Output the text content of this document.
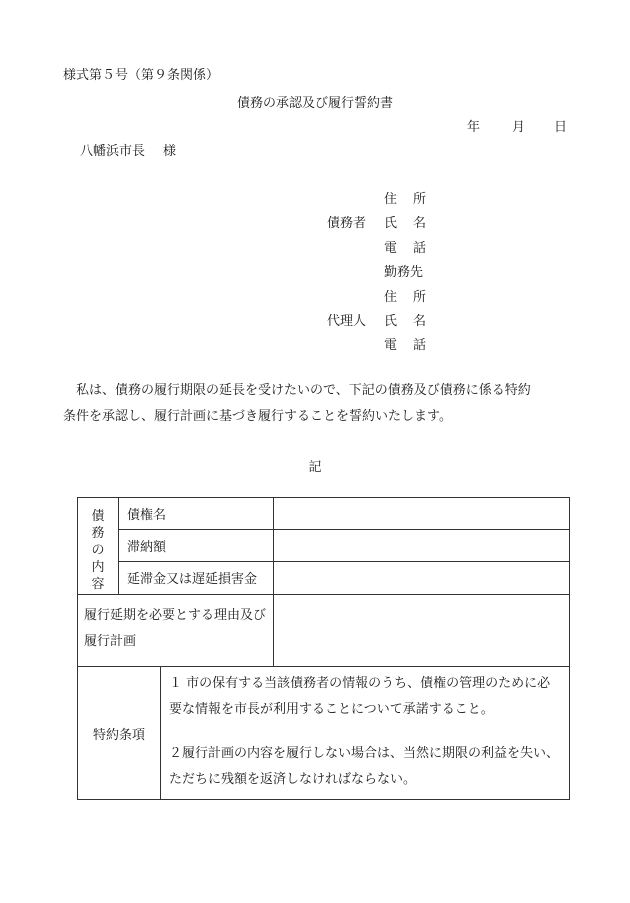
様式第５号（第９条関係）
債務の承認及び履行誓約書
年 月 日
八幡浜市長 様
住 所
債務者 氏 名
電 話
勤務先
住 所
代理人 氏 名
電 話

私は、債務の履行期限の延長を受けたいので、下記の債務及び債務に係る特約

条件を承認し、履行計画に基づき履行することを誓約いたします。

記
債
務
の
内
容	債権名		
	滞納額		
	延滞金又は遅延損害金		
履行延期を必要とする理由及び履行計画			
特約条項		１ 市の保有する当該債務者の情報のうち、債権の管理のために必要な情報を市長が利用することについて承諾すること。

２履行計画の内容を履行しない場合は、当然に期限の利益を失い、ただちに残額を返済しなければならない。	
